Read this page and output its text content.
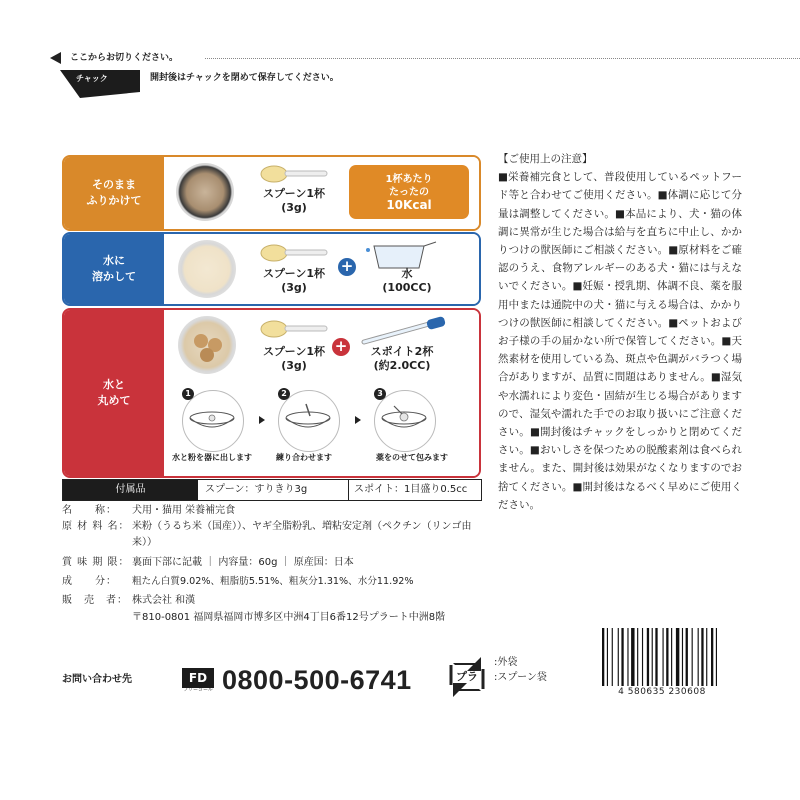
ここからお切りください。
チャック	開封後はチャックを閉めて保存してください。
そのまま
ふりかけて
スプーン1杯
(3g)
1杯あたり
たったの
10Kcal
水に
溶かして	スプーン1杯
(3g)
+	水
(100CC)
水と
丸めて
スプーン1杯
(3g)
+	スポイト2杯
(約2.0CC)
1
水と粉を器に出します
2
練り合わせます
3
薬をのせて包みます
付属品	スプーン：すりきり3g	スポイト：1目盛り0.5cc
名　　称：	犬用・猫用 栄養補完食
原 材 料 名： 米粉（うるち米（国産））、ヤギ全脂粉乳、増粘安定剤（ペクチン（リンゴ由来））
賞 味 期 限： 裏面下部に記載 ｜ 内容量：60g ｜ 原産国：日本
成　　分：	粗たん白質9.02%、粗脂肪5.51%、粗灰分1.31%、水分11.92%
販　売　者： 株式会社 和漢
〒810-0801 福岡県福岡市博多区中洲4丁目6番12号プラート中洲8階
お問い合わせ先	FD
フリーコール 0800-500-6741	プラ
:外袋
:スプーン袋

【ご使用上の注意】

■栄養補完食として、普段使用しているペットフード等と合わせてご使用ください。■体調に応じて分量は調整してください。■本品により、犬・猫の体調に異常が生じた場合は給与を直ちに中止し、かかりつけの獣医師にご相談ください。■原材料をご確認のうえ、食物アレルギーのある犬・猫には与えないでください。■妊娠・授乳期、体調不良、薬を服用中または通院中の犬・猫に与える場合は、かかりつけの獣医師に相談してください。■ペットおよびお子様の手の届かない所で保管してください。■天然素材を使用している為、斑点や色調がバラつく場合がありますが、品質に問題はありません。■湿気や水濡れにより変色・固結が生じる場合がありますので、湿気や濡れた手でのお取り扱いにご注意ください。■開封後はチャックをしっかりと閉めてください。■おいしさを保つための脱酸素剤は食べられません。また、開封後は効果がなくなりますのでお捨てください。■開封後はなるべく早めにご使用ください。

4 580635 230608
